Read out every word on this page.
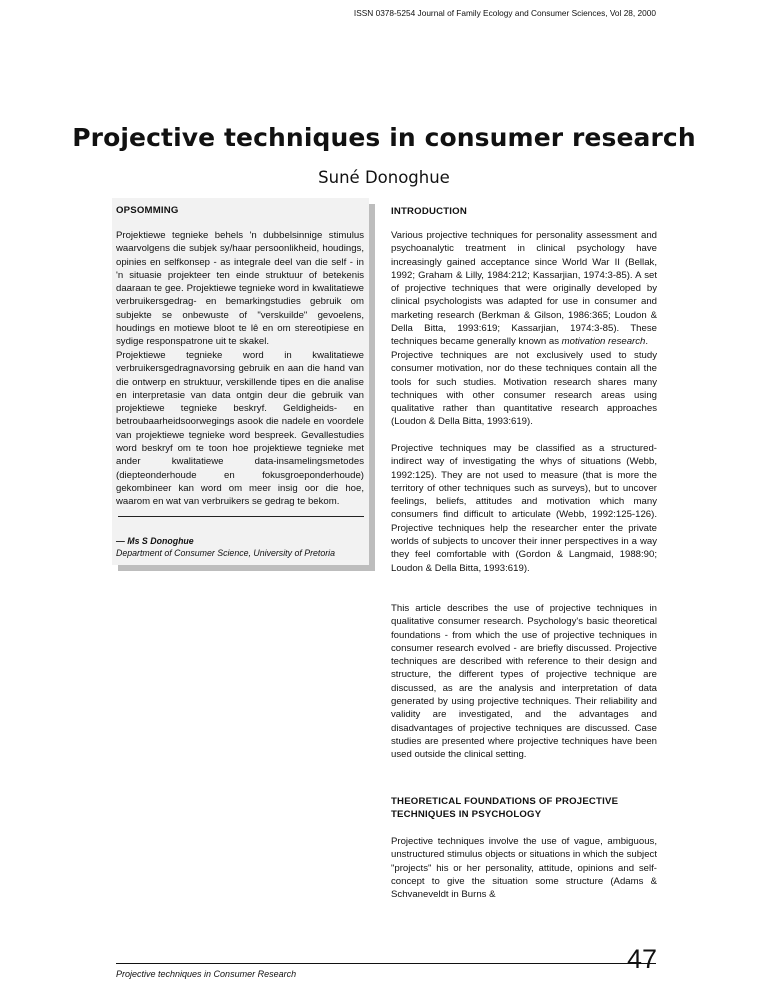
ISSN 0378-5254 Journal of Family Ecology and Consumer Sciences, Vol 28, 2000
Projective techniques in consumer research
Suné Donoghue
OPSOMMING

Projektiewe tegnieke behels 'n dubbelsinnige stimulus waarvolgens die subjek sy/haar persoonlikheid, houdings, opinies en selfkonsep - as integrale deel van die self - in 'n situasie projekteer ten einde struktuur of betekenis daaraan te gee. Projektiewe tegnieke word in kwalitatiewe verbruikersgedrag- en bemarkingstudies gebruik om subjekte se onbewuste of "verskuilde" gevoelens, houdings en motiewe bloot te lê en om stereotipiese en sydige responspatrone uit te skakel.

Projektiewe tegnieke word in kwalitatiewe verbruikersgedragnavorsing gebruik en aan die hand van die ontwerp en struktuur, verskillende tipes en die analise en interpretasie van data ontgin deur die gebruik van projektiewe tegnieke beskryf. Geldigheids- en betroubaarheidsoorwegings asook die nadele en voordele van projektiewe tegnieke word bespreek. Gevallestudies word beskryf om te toon hoe projektiewe tegnieke met ander kwalitatiewe data-insamelingsmetodes (diepteonderhoude en fokusgroeponderhoude) gekombineer kan word om meer insig oor die hoe, waarom en wat van verbruikers se gedrag te bekom.

— Ms S Donoghue
Department of Consumer Science, University of Pretoria
INTRODUCTION

Various projective techniques for personality assessment and psychoanalytic treatment in clinical psychology have increasingly gained acceptance since World War II (Bellak, 1992; Graham & Lilly, 1984:212; Kassarjian, 1974:3-85). A set of projective techniques that were originally developed by clinical psychologists was adapted for use in consumer and marketing research (Berkman & Gilson, 1986:365; Loudon & Della Bitta, 1993:619; Kassarjian, 1974:3-85). These techniques became generally known as motivation research.

Projective techniques are not exclusively used to study consumer motivation, nor do these techniques contain all the tools for such studies. Motivation research shares many techniques with other consumer research areas using qualitative rather than quantitative research approaches (Loudon & Della Bitta, 1993:619).

Projective techniques may be classified as a structured-indirect way of investigating the whys of situations (Webb, 1992:125). They are not used to measure (that is more the territory of other techniques such as surveys), but to uncover feelings, beliefs, attitudes and motivation which many consumers find difficult to articulate (Webb, 1992:125-126). Projective techniques help the researcher enter the private worlds of subjects to uncover their inner perspectives in a way they feel comfortable with (Gordon & Langmaid, 1988:90; Loudon & Della Bitta, 1993:619).

This article describes the use of projective techniques in qualitative consumer research. Psychology's basic theoretical foundations - from which the use of projective techniques in consumer research evolved - are briefly discussed. Projective techniques are described with reference to their design and structure, the different types of projective technique are discussed, as are the analysis and interpretation of data generated by using projective techniques. Their reliability and validity are investigated, and the advantages and disadvantages of projective techniques are discussed. Case studies are presented where projective techniques have been used outside the clinical setting.

THEORETICAL FOUNDATIONS OF PROJECTIVE TECHNIQUES IN PSYCHOLOGY

Projective techniques involve the use of vague, ambiguous, unstructured stimulus objects or situations in which the subject "projects" his or her personality, attitude, opinions and self-concept to give the situation some structure (Adams & Schvaneveldt in Burns &

Projective techniques in Consumer Research	47
